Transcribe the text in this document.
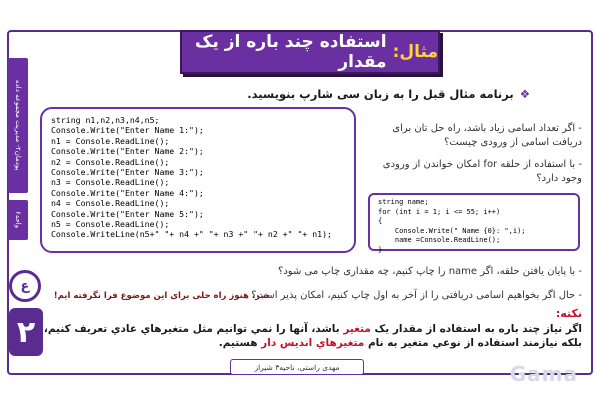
مثال:
استفاده چند باره از یک مقدار
پودمان۲- مدیریت مجموعه داده
واحد۶
ع
۲
❖برنامه مثال قبل را به زبان سی شارپ بنویسید.
string n1,n2,n3,n4,n5;
Console.Write("Enter Name 1:");
n1 = Console.ReadLine();
Console.Write("Enter Name 2:");
n2 = Console.ReadLine();
Console.Write("Enter Name 3:");
n3 = Console.ReadLine();
Console.Write("Enter Name 4:");
n4 = Console.ReadLine();
Console.Write("Enter Name 5:");
n5 = Console.ReadLine();
Console.WriteLine(n5+" "+ n4 +" "+ n3 +" "+ n2 +" "+ n1);
- اگر تعداد اسامی زیاد باشد، راه حل تان برای دریافت اسامی از ورودی چیست؟
- با استفاده از حلقه for امکان خواندن از ورودی وجود دارد؟
string name;
for (int i = 1; i <= 55; i++)
{
Console.Write(" Name {0}: ",i);
name =Console.ReadLine();
}
- با پایان یافتن حلقه، اگر name را چاپ کنیم، چه مقداری چاپ می شود؟
- حال اگر بخواهیم اسامی دریافتی را از آخر به اول چاپ کنیم، امکان پذیر است؟
خبر، هنوز راه حلی برای این موضوع فرا نگرفته ایم!
نکته:
اگر نياز چند باره به استفاده از مقدار يک متغير باشد، آنها را نمي توانيم مثل متغيرهاي عادي تعريف کنيم، بلکه نيازمند استفاده از نوعي متغير به نام متغيرهاي انديس دار هستيم.
مهدی راستی، ناحیه۳ شیراز	Gama
